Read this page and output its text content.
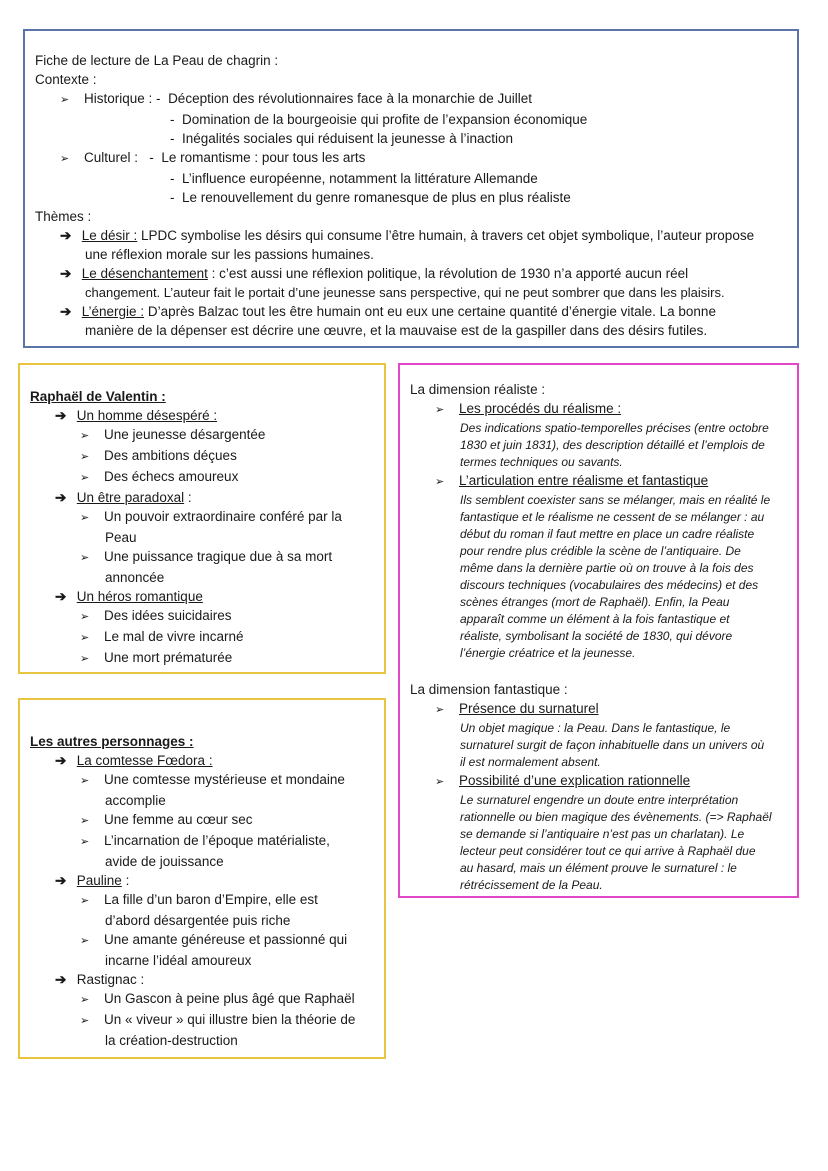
Fiche de lecture de La Peau de chagrin :
Contexte :
➢ Historique : - Déception des révolutionnaires face à la monarchie de Juillet
- Domination de la bourgeoisie qui profite de l’expansion économique
- Inégalités sociales qui réduisent la jeunesse à l’inaction
➢ Culturel : - Le romantisme : pour tous les arts
- L’influence européenne, notamment la littérature Allemande
- Le renouvellement du genre romanesque de plus en plus réaliste
Thèmes :
➔ Le désir : LPDC symbolise les désirs qui consume l’être humain, à travers cet objet symbolique, l’auteur propose
une réflexion morale sur les passions humaines.
➔ Le désenchantement : c’est aussi une réflexion politique, la révolution de 1930 n’a apporté aucun réel
changement. L’auteur fait le portait d’une jeunesse sans perspective, qui ne peut sombrer que dans les plaisirs.
➔ L’énergie : D’après Balzac tout les être humain ont eu eux une certaine quantité d’énergie vitale. La bonne
manière de la dépenser est décrire une œuvre, et la mauvaise est de la gaspiller dans des désirs futiles.
Raphaël de Valentin :
➔ Un homme désespéré :
➢ Une jeunesse désargentée
➢ Des ambitions déçues
➢ Des échecs amoureux
➔ Un être paradoxal :
➢ Un pouvoir extraordinaire conféré par la
Peau
➢ Une puissance tragique due à sa mort
annoncée
➔ Un héros romantique
➢ Des idées suicidaires
➢ Le mal de vivre incarné
➢ Une mort prématurée
Les autres personnages :
➔ La comtesse Fœdora :
➢ Une comtesse mystérieuse et mondaine
accomplie
➢ Une femme au cœur sec
➢ L’incarnation de l’époque matérialiste,
avide de jouissance
➔ Pauline :
➢ La fille d’un baron d’Empire, elle est
d’abord désargentée puis riche
➢ Une amante généreuse et passionné qui
incarne l’idéal amoureux
➔ Rastignac :
➢ Un Gascon à peine plus âgé que Raphaël
➢ Un « viveur » qui illustre bien la théorie de
la création-destruction
La dimension réaliste :
➢ Les procédés du réalisme :
Des indications spatio-temporelles précises (entre octobre
1830 et juin 1831), des description détaillé et l’emplois de
termes techniques ou savants.
➢ L’articulation entre réalisme et fantastique
Ils semblent coexister sans se mélanger, mais en réalité le
fantastique et le réalisme ne cessent de se mélanger : au
début du roman il faut mettre en place un cadre réaliste
pour rendre plus crédible la scène de l’antiquaire. De
même dans la dernière partie où on trouve à la fois des
discours techniques (vocabulaires des médecins) et des
scènes étranges (mort de Raphaël). Enfin, la Peau
apparaît comme un élément à la fois fantastique et
réaliste, symbolisant la société de 1830, qui dévore
l’énergie créatrice et la jeunesse.
La dimension fantastique :
➢ Présence du surnaturel
Un objet magique : la Peau. Dans le fantastique, le
surnaturel surgit de façon inhabituelle dans un univers où
il est normalement absent.
➢ Possibilité d’une explication rationnelle
Le surnaturel engendre un doute entre interprétation
rationnelle ou bien magique des évènements. (=> Raphaël
se demande si l’antiquaire n’est pas un charlatan). Le
lecteur peut considérer tout ce qui arrive à Raphaël due
au hasard, mais un élément prouve le surnaturel : le
rétrécissement de la Peau.
